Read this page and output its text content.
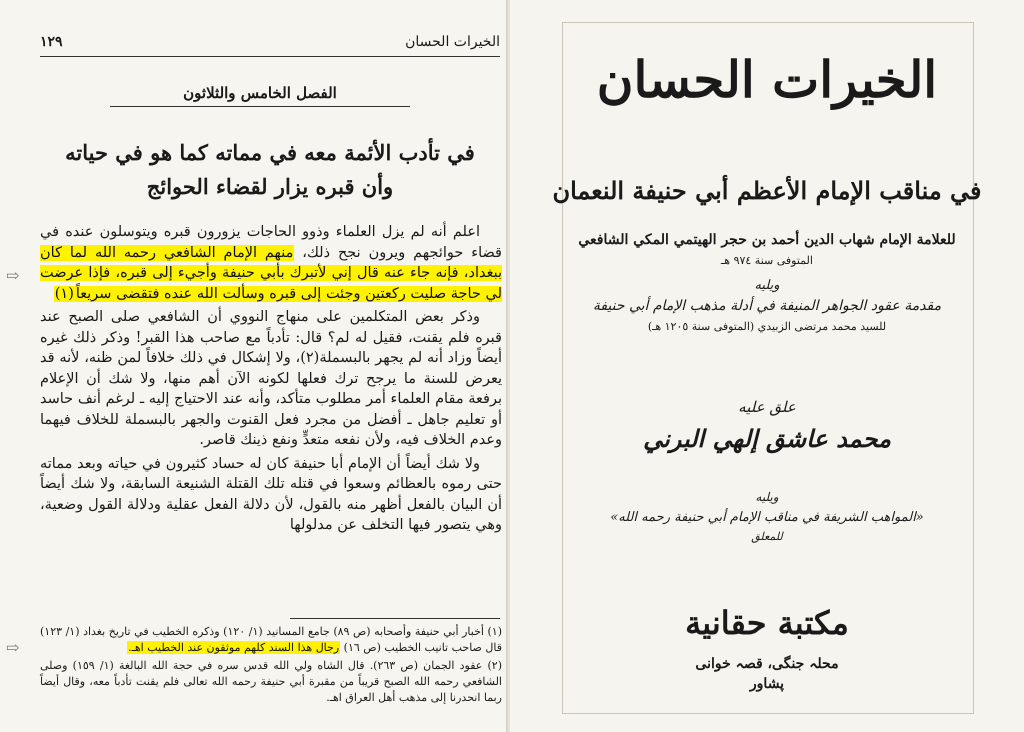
١٢٩	الخيرات الحسان
الفصل الخامس والثلاثون
في تأدب الأئمة معه في مماته كما هو في حياته
وأن قبره يزار لقضاء الحوائج

اعلم أنه لم يزل العلماء وذوو الحاجات يزورون قبره ويتوسلون عنده في قضاء حوائجهم ويرون نجح ذلك، منهم الإمام الشافعي رحمه الله لما كان ببغداد، فإنه جاء عنه قال إني لأتبرك بأبي حنيفة وأجيء إلى قبره، فإذا عرضت لي حاجة صليت ركعتين وجئت إلى قبره وسألت الله عنده فتقضى سريعاً(١)

وذكر بعض المتكلمين على منهاج النووي أن الشافعي صلى الصبح عند قبره فلم يقنت، فقيل له لم؟ قال: تأدباً مع صاحب هذا القبر! وذكر ذلك غيره أيضاً وزاد أنه لم يجهر بالبسملة(٢)، ولا إشكال في ذلك خلافاً لمن ظنه، لأنه قد يعرض للسنة ما يرجح ترك فعلها لكونه الآن أهم منها، ولا شك أن الإعلام برفعة مقام العلماء أمر مطلوب متأكد، وأنه عند الاحتياج إليه ـ لرغم أنف حاسد أو تعليم جاهل ـ أفضل من مجرد فعل القنوت والجهر بالبسملة للخلاف فيهما وعدم الخلاف فيه، ولأن نفعه متعدٍّ ونفع ذينك قاصر.

ولا شك أيضاً أن الإمام أبا حنيفة كان له حساد كثيرون في حياته وبعد مماته حتى رموه بالعظائم وسعوا في قتله تلك القتلة الشنيعة السابقة، ولا شك أيضاً أن البيان بالفعل أظهر منه بالقول، لأن دلالة الفعل عقلية ودلالة القول وضعية، وهي يتصور فيها التخلف عن مدلولها

⇨

(١) أخبار أبي حنيفة وأصحابه (ص ٨٩) جامع المسانيد (١/ ١٢٠) وذكره الخطيب في تاريخ بغداد (١/ ١٢٣) قال صاحب تانيب الخطيب (ص ١٦) رجال هذا السند كلهم موثقون عند الخطيب اهـ.

(٢) عقود الجمان (ص ٢٦٣). قال الشاه ولي الله قدس سره في حجة الله البالغة (١/ ١٥٩) وصلى الشافعي رحمه الله الصبح قريباً من مقبرة أبي حنيفة رحمه الله تعالى فلم يقنت تأدباً معه، وقال أيضاً ربما انحدرنا إلى مذهب أهل العراق اهـ.

⇨
الخيرات الحسان
في مناقب الإمام الأعظم أبي حنيفة النعمان
للعلامة الإمام شهاب الدين أحمد بن حجر الهيتمي المكي الشافعي
المتوفى سنة ٩٧٤ هـ
ويليه
مقدمة عقود الجواهر المنيفة في أدلة مذهب الإمام أبي حنيفة
للسيد محمد مرتضى الزبيدي (المتوفى سنة ١٢٠٥ هـ)
علق عليه
محمد عاشق إلهي البرني
ويليه
«المواهب الشريفة في مناقب الإمام أبي حنيفة رحمه الله»
للمعلق
مكتبة حقانية
محلہ جنگی، قصہ خوانی
پشاور
